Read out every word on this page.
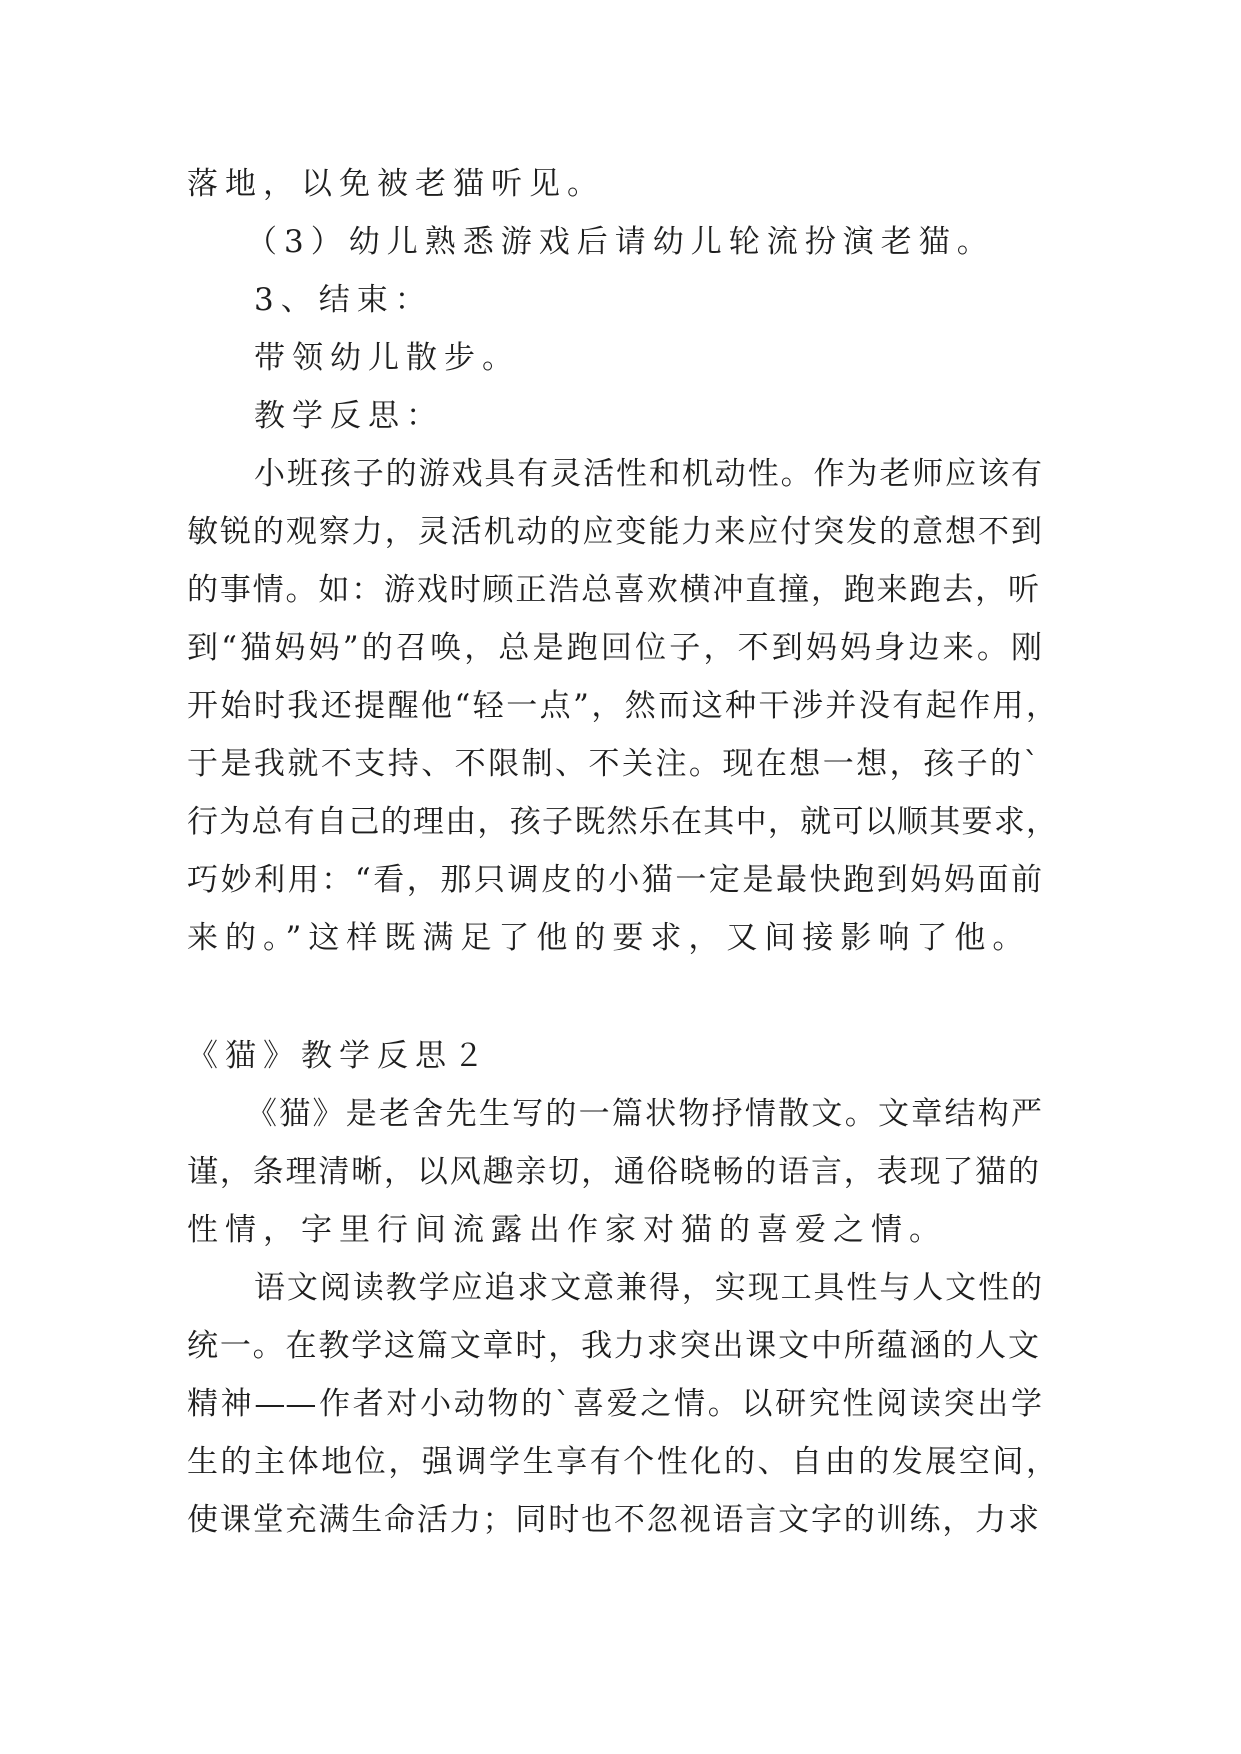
落地，以免被老猫听见。
（3）幼儿熟悉游戏后请幼儿轮流扮演老猫。
3、结束：
带领幼儿散步。
教学反思：
小班孩子的游戏具有灵活性和机动性。作为老师应该有
敏锐的观察力，灵活机动的应变能力来应付突发的意想不到
的事情。如：游戏时顾正浩总喜欢横冲直撞，跑来跑去，听
到“猫妈妈”的召唤，总是跑回位子，不到妈妈身边来。刚
开始时我还提醒他“轻一点”，然而这种干涉并没有起作用，
于是我就不支持、不限制、不关注。现在想一想，孩子的`
行为总有自己的理由，孩子既然乐在其中，就可以顺其要求，
巧妙利用：“看，那只调皮的小猫一定是最快跑到妈妈面前
来的。”这样既满足了他的要求，又间接影响了他。
《猫》教学反思２
《猫》是老舍先生写的一篇状物抒情散文。文章结构严
谨，条理清晰，以风趣亲切，通俗晓畅的语言，表现了猫的
性情，字里行间流露出作家对猫的喜爱之情。
语文阅读教学应追求文意兼得，实现工具性与人文性的
统一。在教学这篇文章时，我力求突出课文中所蕴涵的人文
精神——作者对小动物的`喜爱之情。以研究性阅读突出学
生的主体地位，强调学生享有个性化的、自由的发展空间，
使课堂充满生命活力；同时也不忽视语言文字的训练，力求
